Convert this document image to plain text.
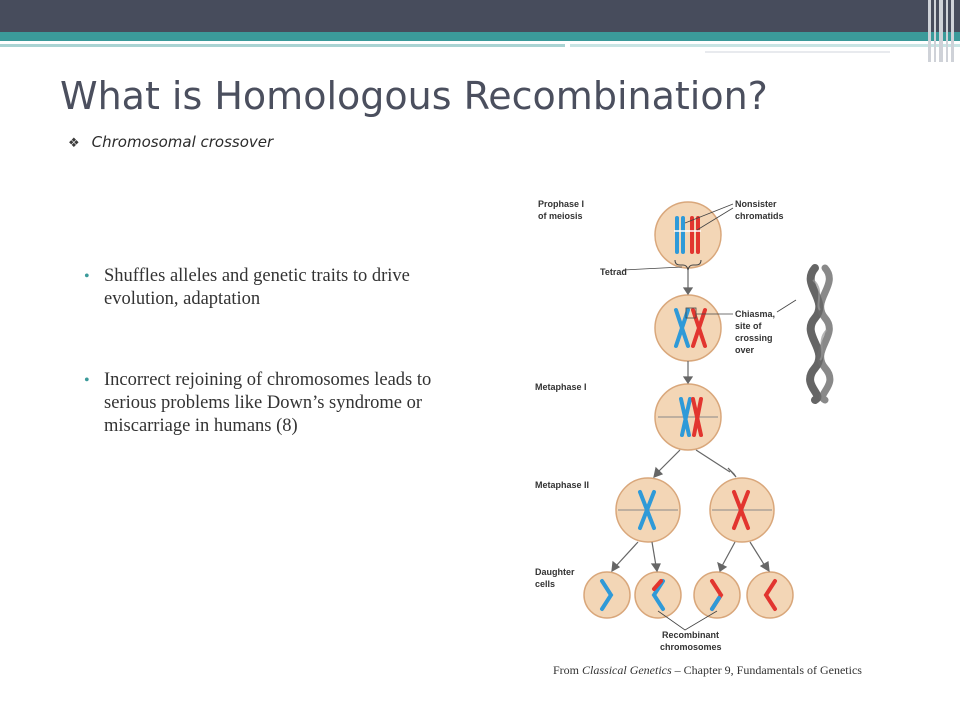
What is Homologous Recombination?
❖ Chromosomal crossover
• Shuffles alleles and genetic traits to drive evolution, adaptation
• Incorrect rejoining of chromosomes leads to serious problems like Down’s syndrome or miscarriage in humans (8)
Prophase I
of meiosis
Nonsister
chromatids
Tetrad
Chiasma,
site of
crossing
over
Metaphase I
Metaphase II
Daughter
cells
Recombinant
chromosomes
From Classical Genetics – Chapter 9, Fundamentals of Genetics
